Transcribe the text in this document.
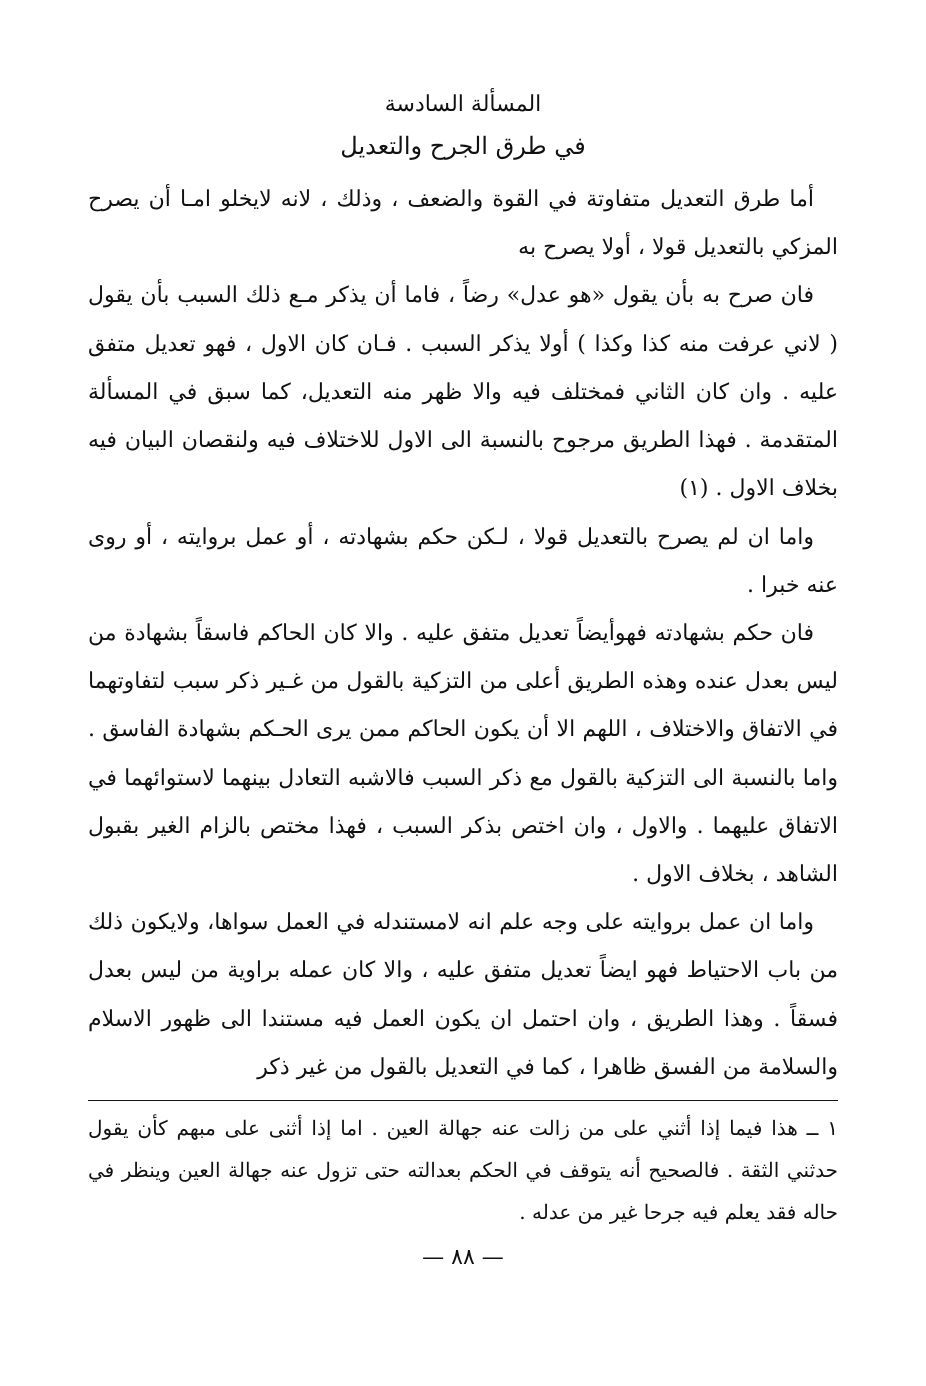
المسألة السادسة
في طرق الجرح والتعديل

أما طرق التعديل متفاوتة في القوة والضعف ، وذلك ، لانه لايخلو امـا أن يصرح المزكي بالتعديل قولا ، أولا يصرح به

فان صرح به بأن يقول «هو عدل» رضاً ، فاما أن يذكر مـع ذلك السبب بأن يقول ( لاني عرفت منه كذا وكذا ) أولا يذكر السبب . فـان كان الاول ، فهو تعديل متفق عليه . وان كان الثاني فمختلف فيه والا ظهر منه التعديل، كما سبق في المسألة المتقدمة . فهذا الطريق مرجوح بالنسبة الى الاول للاختلاف فيه ولنقصان البيان فيه بخلاف الاول . (١)

واما ان لم يصرح بالتعديل قولا ، لـكن حكم بشهادته ، أو عمل بروايته ، أو روى عنه خبرا .

فان حكم بشهادته فهوأيضاً تعديل متفق عليه . والا كان الحاكم فاسقاً بشهادة من ليس بعدل عنده وهذه الطريق أعلى من التزكية بالقول من غـير ذكر سبب لتفاوتهما في الاتفاق والاختلاف ، اللهم الا أن يكون الحاكم ممن يرى الحـكم بشهادة الفاسق . واما بالنسبة الى التزكية بالقول مع ذكر السبب فالاشبه التعادل بينهما لاستوائهما في الاتفاق عليهما . والاول ، وان اختص بذكر السبب ، فهذا مختص بالزام الغير بقبول الشاهد ، بخلاف الاول .

واما ان عمل بروايته على وجه علم انه لامستندله في العمل سواها، ولايكون ذلك من باب الاحتياط فهو ايضاً تعديل متفق عليه ، والا كان عمله براوية من ليس بعدل فسقاً . وهذا الطريق ، وان احتمل ان يكون العمل فيه مستندا الى ظهور الاسلام والسلامة من الفسق ظاهرا ، كما في التعديل بالقول من غير ذكر

١ ــ هذا فيما إذا أثني على من زالت عنه جهالة العين . اما إذا أثنى على مبهم كأن يقول حدثني الثقة . فالصحيح أنه يتوقف في الحكم بعدالته حتى تزول عنه جهالة العين وينظر في حاله فقد يعلم فيه جرحا غير من عدله .

— ٨٨ —
